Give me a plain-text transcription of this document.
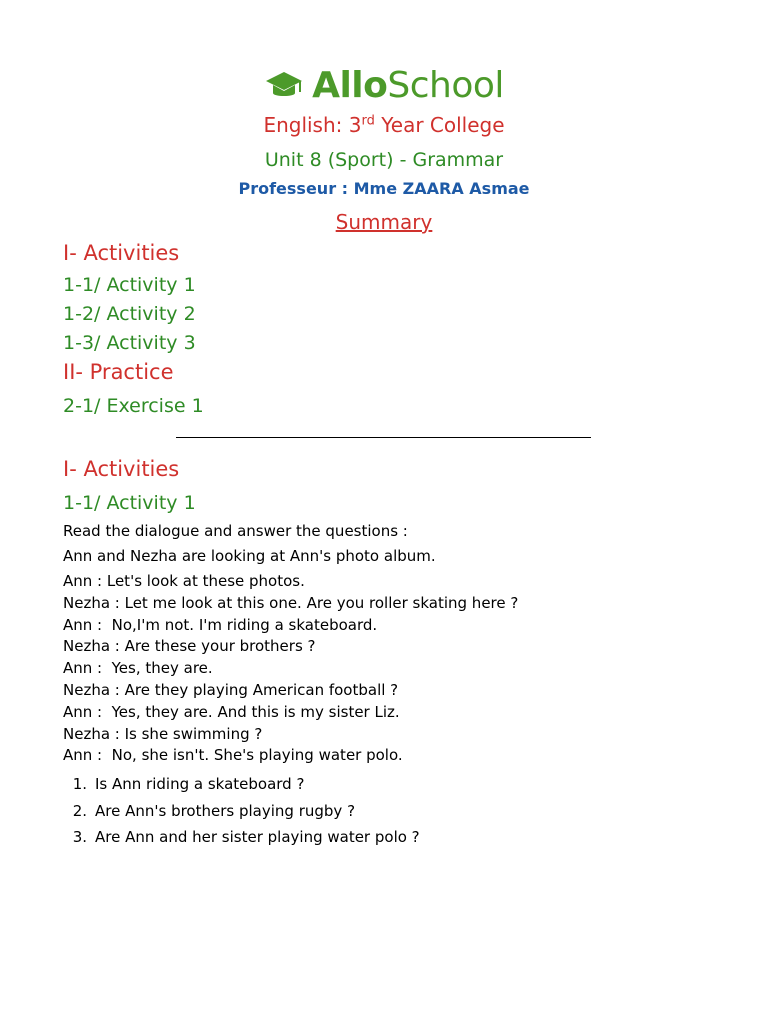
AlloSchool
English: 3rd Year College
Unit 8 (Sport) - Grammar
Professeur : Mme ZAARA Asmae
Summary
I- Activities
1-1/ Activity 1
1-2/ Activity 2
1-3/ Activity 3
II- Practice
2-1/ Exercise 1
I- Activities
1-1/ Activity 1
Read the dialogue and answer the questions :
Ann and Nezha are looking at Ann's photo album.
Ann : Let's look at these photos.
Nezha : Let me look at this one. Are you roller skating here ?
Ann :  No,I'm not. I'm riding a skateboard.
Nezha : Are these your brothers ?
Ann :  Yes, they are.
Nezha : Are they playing American football ?
Ann :  Yes, they are. And this is my sister Liz.
Nezha : Is she swimming ?
Ann :  No, she isn't. She's playing water polo.
1. Is Ann riding a skateboard ?
2. Are Ann's brothers playing rugby ?
3. Are Ann and her sister playing water polo ?
